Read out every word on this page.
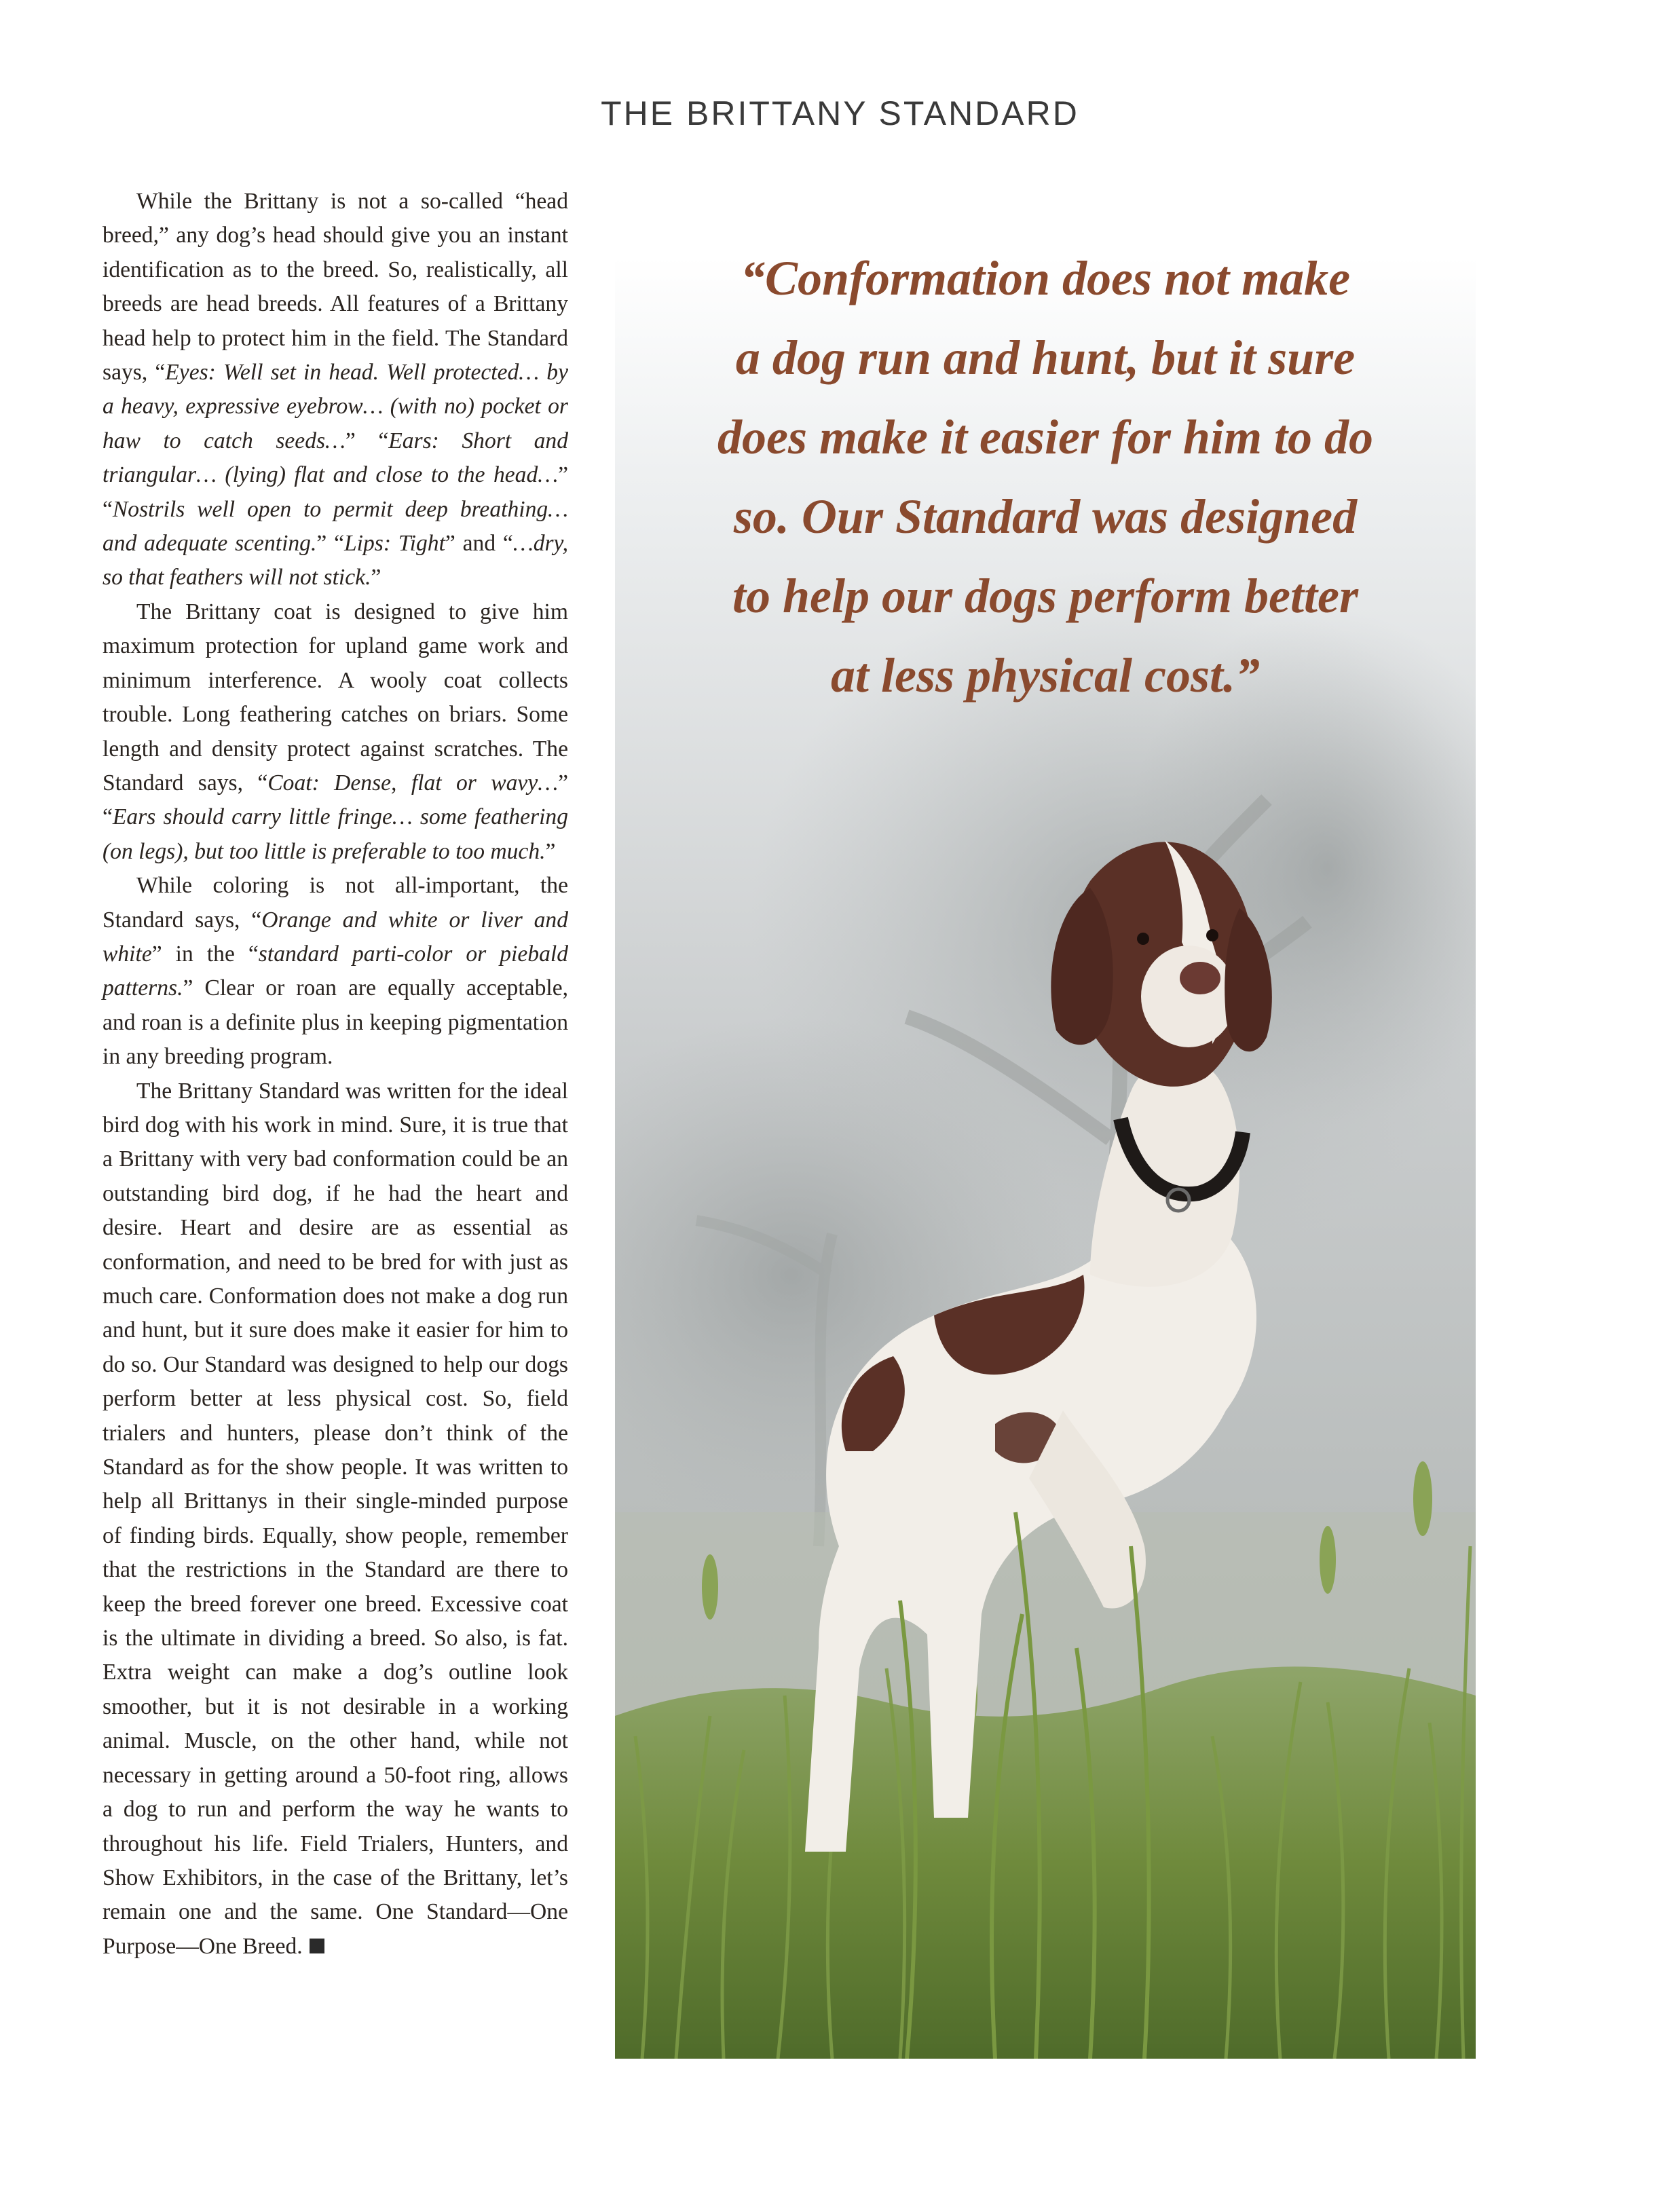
THE BRITTANY STANDARD

While the Brittany is not a so-called “head breed,” any dog’s head should give you an instant identification as to the breed. So, realistically, all breeds are head breeds. All features of a Brittany head help to protect him in the field. The Standard says, “Eyes: Well set in head. Well protected… by a heavy, expressive eyebrow… (with no) pocket or haw to catch seeds…” “Ears: Short and triangular… (lying) flat and close to the head…” “Nostrils well open to permit deep breathing… and adequate scenting.” “Lips: Tight” and “…dry, so that feathers will not stick.”

The Brittany coat is designed to give him maximum protection for upland game work and minimum interference. A wooly coat collects trouble. Long feathering catches on briars. Some length and density protect against scratches. The Standard says, “Coat: Dense, flat or wavy…” “Ears should carry little fringe… some feathering (on legs), but too little is preferable to too much.”

While coloring is not all-important, the Standard says, “Orange and white or liver and white” in the “standard parti-color or piebald patterns.” Clear or roan are equally acceptable, and roan is a definite plus in keeping pigmentation in any breeding program.

The Brittany Standard was written for the ideal bird dog with his work in mind. Sure, it is true that a Brittany with very bad conformation could be an outstanding bird dog, if he had the heart and desire. Heart and desire are as essential as conformation, and need to be bred for with just as much care. Conformation does not make a dog run and hunt, but it sure does make it easier for him to do so. Our Standard was designed to help our dogs perform better at less physical cost. So, field trialers and hunters, please don’t think of the Standard as for the show people. It was written to help all Brittanys in their single-minded purpose of finding birds. Equally, show people, remember that the restrictions in the Standard are there to keep the breed forever one breed. Excessive coat is the ultimate in dividing a breed. So also, is fat. Extra weight can make a dog’s outline look smoother, but it is not desirable in a working animal. Muscle, on the other hand, while not necessary in getting around a 50-foot ring, allows a dog to run and perform the way he wants to throughout his life. Field Trialers, Hunters, and Show Exhibitors, in the case of the Brittany, let’s remain one and the same. One Standard—One Purpose—One Breed.

“Conformation does not make
a dog run and hunt, but it sure
does make it easier for him to do
so. Our Standard was designed
to help our dogs perform better
at less physical cost.”
